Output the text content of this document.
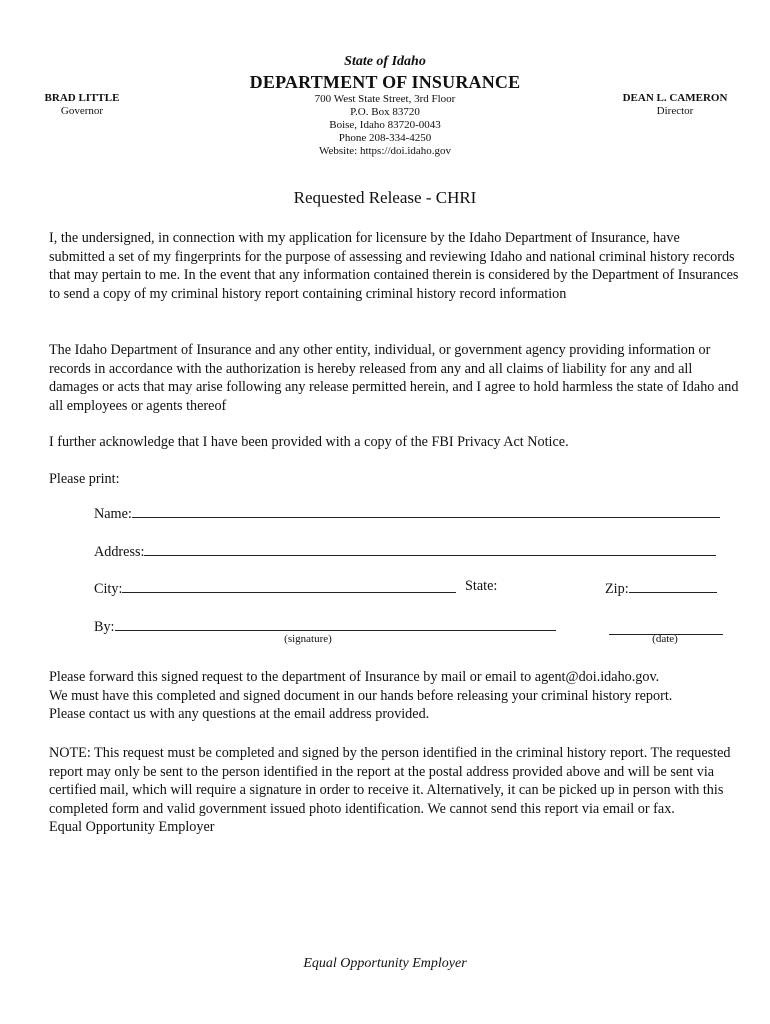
State of Idaho
DEPARTMENT OF INSURANCE
700 West State Street, 3rd Floor
P.O. Box 83720
Boise, Idaho 83720-0043
Phone 208-334-4250
Website: https://doi.idaho.gov
BRAD LITTLE
Governor
DEAN L. CAMERON
Director
Requested Release - CHRI
I, the undersigned, in connection with my application for licensure by the Idaho Department of Insurance, have submitted a set of my fingerprints for the purpose of assessing and reviewing Idaho and national criminal history records that may pertain to me. In the event that any information contained therein is considered by the Department of Insurances to send a copy of my criminal history report containing criminal history record information
The Idaho Department of Insurance and any other entity, individual, or government agency providing information or records in accordance with the authorization is hereby released from any and all claims of liability for any and all damages or acts that may arise following any release permitted herein, and I agree to hold harmless the state of Idaho and all employees or agents thereof
I further acknowledge that I have been provided with a copy of the FBI Privacy Act Notice.
Please print:
Name:
Address:
City:	State:	Zip:
By:
(signature)	(date)
Please forward this signed request to the department of Insurance by mail or email to agent@doi.idaho.gov.
We must have this completed and signed document in our hands before releasing your criminal history report.
Please contact us with any questions at the email address provided.
NOTE: This request must be completed and signed by the person identified in the criminal history report. The requested report may only be sent to the person identified in the report at the postal address provided above and will be sent via certified mail, which will require a signature in order to receive it. Alternatively, it can be picked up in person with this completed form and valid government issued photo identification. We cannot send this report via email or fax.
Equal Opportunity Employer
Equal Opportunity Employer
